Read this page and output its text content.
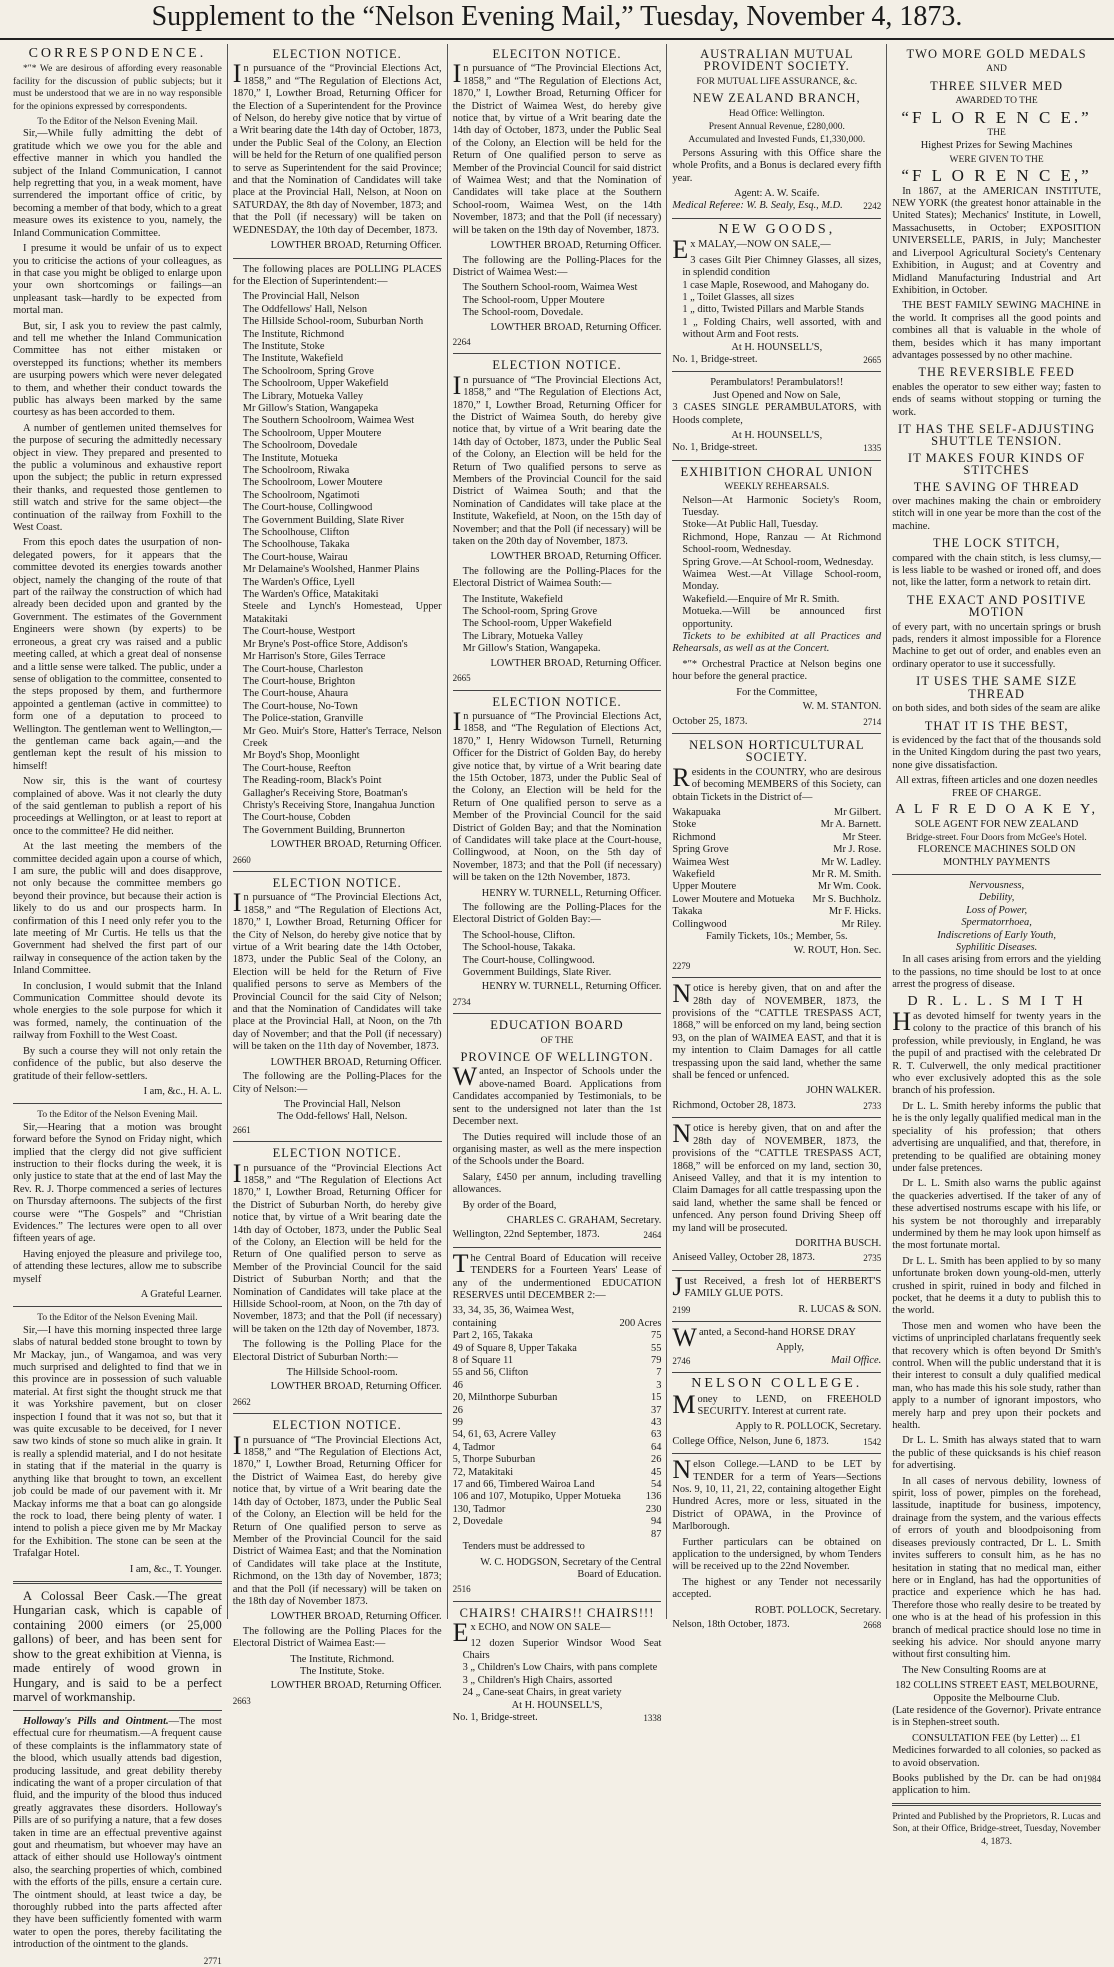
Supplement to the “Nelson Evening Mail,” Tuesday, November 4, 1873.
CORRESPONDENCE.
*″* We are desirous of affording every reasonable facility for the discussion of public subjects; but it must be understood that we are in no way responsible for the opinions expressed by correspondents.
To the Editor of the Nelson Evening Mail.
Sir,—While fully admitting the debt of gratitude which we owe you for the able and effective manner in which you handled the subject of the Inland Communication, I cannot help regretting that you, in a weak moment, have surrendered the important office of critic, by becoming a member of that body, which to a great measure owes its existence to you, namely, the Inland Communication Committee.
I presume it would be unfair of us to expect you to criticise the actions of your colleagues, as in that case you might be obliged to enlarge upon your own shortcomings or failings—an unpleasant task—hardly to be expected from mortal man.
But, sir, I ask you to review the past calmly, and tell me whether the Inland Communication Committee has not either mistaken or overstepped its functions; whether its members are usurping powers which were never delegated to them, and whether their conduct towards the public has always been marked by the same courtesy as has been accorded to them.
A number of gentlemen united themselves for the purpose of securing the admittedly necessary object in view. They prepared and presented to the public a voluminous and exhaustive report upon the subject; the public in return expressed their thanks, and requested those gentlemen to still watch and strive for the same object—the continuation of the railway from Foxhill to the West Coast.
From this epoch dates the usurpation of non-delegated powers, for it appears that the committee devoted its energies towards another object, namely the changing of the route of that part of the railway the construction of which had already been decided upon and granted by the Government. The estimates of the Government Engineers were shown (by experts) to be erroneous, a great cry was raised and a public meeting called, at which a great deal of nonsense and a little sense were talked. The public, under a sense of obligation to the committee, consented to the steps proposed by them, and furthermore appointed a gentleman (active in committee) to form one of a deputation to proceed to Wellington. The gentleman went to Wellington,—the gentleman came back again,—and the gentleman kept the result of his mission to himself!
Now sir, this is the want of courtesy complained of above. Was it not clearly the duty of the said gentleman to publish a report of his proceedings at Wellington, or at least to report at once to the committee? He did neither.
At the last meeting the members of the committee decided again upon a course of which, I am sure, the public will and does disapprove, not only because the committee members go beyond their province, but because their action is likely to do us and our prospects harm. In confirmation of this I need only refer you to the late meeting of Mr Curtis. He tells us that the Government had shelved the first part of our railway in consequence of the action taken by the Inland Committee.
In conclusion, I would submit that the Inland Communication Committee should devote its whole energies to the sole purpose for which it was formed, namely, the continuation of the railway from Foxhill to the West Coast.
By such a course they will not only retain the confidence of the public, but also deserve the gratitude of their fellow-settlers.
I am, &c., H. A. L.
To the Editor of the Nelson Evening Mail.
Sir,—Hearing that a motion was brought forward before the Synod on Friday night, which implied that the clergy did not give sufficient instruction to their flocks during the week, it is only justice to state that at the end of last May the Rev. R. J. Thorpe commenced a series of lectures on Thursday afternoons. The subjects of the first course were “The Gospels” and “Christian Evidences.” The lectures were open to all over fifteen years of age.
Having enjoyed the pleasure and privilege too, of attending these lectures, allow me to subscribe myself
A Grateful Learner.
To the Editor of the Nelson Evening Mail.
Sir,—I have this morning inspected three large slabs of natural bedded stone brought to town by Mr Mackay, jun., of Wangamoa, and was very much surprised and delighted to find that we in this province are in possession of such valuable material. At first sight the thought struck me that it was Yorkshire pavement, but on closer inspection I found that it was not so, but that it was quite excusable to be deceived, for I never saw two kinds of stone so much alike in grain. It is really a splendid material, and I do not hesitate in stating that if the material in the quarry is anything like that brought to town, an excellent job could be made of our pavement with it. Mr Mackay informs me that a boat can go alongside the rock to load, there being plenty of water. I intend to polish a piece given me by Mr Mackay for the Exhibition. The stone can be seen at the Trafalgar Hotel.
I am, &c., T. Younger.
A Colossal Beer Cask.—The great Hungarian cask, which is capable of containing 2000 eimers (or 25,000 gallons) of beer, and has been sent for show to the great exhibition at Vienna, is made entirely of wood grown in Hungary, and is said to be a perfect marvel of workmanship.
Holloway's Pills and Ointment.—The most effectual cure for rheumatism.—A frequent cause of these complaints is the inflammatory state of the blood, which usually attends bad digestion, producing lassitude, and great debility thereby indicating the want of a proper circulation of that fluid, and the impurity of the blood thus induced greatly aggravates these disorders. Holloway's Pills are of so purifying a nature, that a few doses taken in time are an effectual preventive against gout and rheumatism, but whoever may have an attack of either should use Holloway's ointment also, the searching properties of which, combined with the efforts of the pills, ensure a certain cure. The ointment should, at least twice a day, be thoroughly rubbed into the parts affected after they have been sufficiently fomented with warm water to open the pores, thereby facilitating the introduction of the ointment to the glands.
2771
ELECTION NOTICE.
In pursuance of the “Provincial Elections Act, 1858,” and “The Regulation of Elections Act, 1870,” I, Lowther Broad, Returning Officer for the Election of a Superintendent for the Province of Nelson, do hereby give notice that by virtue of a Writ bearing date the 14th day of October, 1873, under the Public Seal of the Colony, an Election will be held for the Return of one qualified person to serve as Superintendent for the said Province; and that the Nomination of Candidates will take place at the Provincial Hall, Nelson, at Noon on SATURDAY, the 8th day of November, 1873; and that the Poll (if necessary) will be taken on WEDNESDAY, the 10th day of December, 1873.
LOWTHER BROAD, Returning Officer.
The following places are POLLING PLACES for the Election of Superintendent:—
The Provincial Hall, Nelson
The Oddfellows' Hall, Nelson
The Hillside School-room, Suburban North
The Institute, Richmond
The Institute, Stoke
The Institute, Wakefield
The Schoolroom, Spring Grove
The Schoolroom, Upper Wakefield
The Library, Motueka Valley
Mr Gillow's Station, Wangapeka
The Southern Schoolroom, Waimea West
The Schoolroom, Upper Moutere
The Schoolroom, Dovedale
The Institute, Motueka
The Schoolroom, Riwaka
The Schoolroom, Lower Moutere
The Schoolroom, Ngatimoti
The Court-house, Collingwood
The Government Building, Slate River
The Schoolhouse, Clifton
The Schoolhouse, Takaka
The Court-house, Wairau
Mr Delamaine's Woolshed, Hanmer Plains
The Warden's Office, Lyell
The Warden's Office, Matakitaki
Steele and Lynch's Homestead, Upper Matakitaki
The Court-house, Westport
Mr Bryne's Post-office Store, Addison's
Mr Harrison's Store, Giles Terrace
The Court-house, Charleston
The Court-house, Brighton
The Court-house, Ahaura
The Court-house, No-Town
The Police-station, Granville
Mr Geo. Muir's Store, Hatter's Terrace, Nelson Creek
Mr Boyd's Shop, Moonlight
The Court-house, Reefton
The Reading-room, Black's Point
Gallagher's Receiving Store, Boatman's
Christy's Receiving Store, Inangahua Junction
The Court-house, Cobden
The Government Building, Brunnerton
LOWTHER BROAD, Returning Officer.
2660
ELECTION NOTICE.
In pursuance of “The Provincial Elections Act, 1858,” and “The Regulation of Elections Act, 1870,” I, Lowther Broad, Returning Officer for the City of Nelson, do hereby give notice that by virtue of a Writ bearing date the 14th October, 1873, under the Public Seal of the Colony, an Election will be held for the Return of Five qualified persons to serve as Members of the Provincial Council for the said City of Nelson; and that the Nomination of Candidates will take place at the Provincial Hall, at Noon, on the 7th day of November; and that the Poll (if necessary) will be taken on the 11th day of November, 1873.
LOWTHER BROAD, Returning Officer.
The following are the Polling-Places for the City of Nelson:—
The Provincial Hall, Nelson
The Odd-fellows' Hall, Nelson.
2661
ELECTION NOTICE.
In pursuance of the “Provincial Elections Act 1858,” and “The Regulation of Elections Act 1870,” I, Lowther Broad, Returning Officer for the District of Suburban North, do hereby give notice that, by virtue of a Writ bearing date the 14th day of October, 1873, under the Public Seal of the Colony, an Election will be held for the Return of One qualified person to serve as Member of the Provincial Council for the said District of Suburban North; and that the Nomination of Candidates will take place at the Hillside School-room, at Noon, on the 7th day of November, 1873; and that the Poll (if necessary) will be taken on the 12th day of November, 1873.
The following is the Polling Place for the Electoral District of Suburban North:—
The Hillside School-room.
LOWTHER BROAD, Returning Officer.
2662
ELECTION NOTICE.
In pursuance of “The Provincial Elections Act, 1858,” and “The Regulation of Elections Act, 1870,” I, Lowther Broad, Returning Officer for the District of Waimea East, do hereby give notice that, by virtue of a Writ bearing date the 14th day of October, 1873, under the Public Seal of the Colony, an Election will be held for the Return of One qualified person to serve as Member of the Provincial Council for the said District of Waimea East; and that the Nomination of Candidates will take place at the Institute, Richmond, on the 13th day of November, 1873; and that the Poll (if necessary) will be taken on the 18th day of November 1873.
LOWTHER BROAD, Returning Officer.
The following are the Polling Places for the Electoral District of Waimea East:—
The Institute, Richmond.
The Institute, Stoke.
LOWTHER BROAD, Returning Officer.
2663
ELECITON NOTICE.
In pursuance of “The Provincial Elections Act, 1858,” and “The Regulation of Elections Act, 1870,” I, Lowther Broad, Returning Officer for the District of Waimea West, do hereby give notice that, by virtue of a Writ bearing date the 14th day of October, 1873, under the Public Seal of the Colony, an Election will be held for the Return of One qualified person to serve as Member of the Provincial Council for said district of Waimea West; and that the Nomination of Candidates will take place at the Southern School-room, Waimea West, on the 14th November, 1873; and that the Poll (if necessary) will be taken on the 19th day of November, 1873.
LOWTHER BROAD, Returning Officer.
The following are the Polling-Places for the District of Waimea West:—
The Southern School-room, Waimea West
The School-room, Upper Moutere
The School-room, Dovedale.
LOWTHER BROAD, Returning Officer.
2264
ELECTION NOTICE.
In pursuance of “The Provincial Elections Act, 1858,” and “The Regulation of Elections Act, 1870,” I, Lowther Broad, Returning Officer for the District of Waimea South, do hereby give notice that, by virtue of a Writ bearing date the 14th day of October, 1873, under the Public Seal of the Colony, an Election will be held for the Return of Two qualified persons to serve as Members of the Provincial Council for the said District of Waimea South; and that the Nomination of Candidates will take place at the Institute, Wakefield, at Noon, on the 15th day of November; and that the Poll (if necessary) will be taken on the 20th day of November, 1873.
LOWTHER BROAD, Returning Officer.
The following are the Polling-Places for the Electoral District of Waimea South:—
The Institute, Wakefield
The School-room, Spring Grove
The School-room, Upper Wakefield
The Library, Motueka Valley
Mr Gillow's Station, Wangapeka.
LOWTHER BROAD, Returning Officer.
2665
ELECTION NOTICE.
In pursuance of “The Provincial Elections Act, 1858, and “The Regulation of Elections Act, 1870,” I, Henry Widowson Turnell, Returning Officer for the District of Golden Bay, do hereby give notice that, by virtue of a Writ bearing date the 15th October, 1873, under the Public Seal of the Colony, an Election will be held for the Return of One qualified person to serve as a Member of the Provincial Council for the said District of Golden Bay; and that the Nomination of Candidates will take place at the Court-house, Collingwood, at Noon, on the 5th day of November, 1873; and that the Poll (if necessary) will be taken on the 12th November, 1873.
HENRY W. TURNELL, Returning Officer.
The following are the Polling-Places for the Electoral District of Golden Bay:—
The School-house, Clifton.
The School-house, Takaka.
The Court-house, Collingwood.
Government Buildings, Slate River.
HENRY W. TURNELL, Returning Officer.
2734
EDUCATION BOARD
OF THE
PROVINCE OF WELLINGTON.
Wanted, an Inspector of Schools under the above-named Board. Applications from Candidates accompanied by Testimonials, to be sent to the undersigned not later than the 1st December next.
The Duties required will include those of an organising master, as well as the mere inspection of the Schools under the Board.
Salary, £450 per annum, including travelling allowances.
By order of the Board,
CHARLES C. GRAHAM, Secretary.
Wellington, 22nd September, 1873.	2464
The Central Board of Education will receive TENDERS for a Fourteen Years' Lease of any of the undermentioned EDUCATION RESERVES until DECEMBER 2:—
33, 34, 35, 36, Waimea West,
containing	200 Acres
Part 2, 165, Takaka	75
49 of Square 8, Upper Takaka	55
8 of Square 11	79
55 and 56, Clifton	7
46	3
20, Milnthorpe Suburban	15
26	37
99	43
54, 61, 63, Acrere Valley	63
4, Tadmor	64
5, Thorpe Suburban	26
72, Matakitaki	45
17 and 66, Timbered Wairoa Land	54
106 and 107, Motupiko, Upper Motueka 136
130, Tadmor	230
2, Dovedale	94
87
Tenders must be addressed to
W. C. HODGSON, Secretary of the Central Board of Education.
2516
CHAIRS! CHAIRS!! CHAIRS!!!
Ex ECHO, and NOW ON SALE—
12 dozen Superior Windsor Wood Seat Chairs
3 „ Children's Low Chairs, with pans complete
3 „ Children's High Chairs, assorted
24 „ Cane-seat Chairs, in great variety
At H. HOUNSELL'S,
No. 1, Bridge-street.	1338
AUSTRALIAN MUTUAL PROVIDENT SOCIETY.
FOR MUTUAL LIFE ASSURANCE, &c.
NEW ZEALAND BRANCH,
Head Office: Wellington.
Present Annual Revenue, £280,000.
Accumulated and Invested Funds, £1,330,000.
Persons Assuring with this Office share the whole Profits, and a Bonus is declared every fifth year.
Agent: A. W. Scaife.
Medical Referee: W. B. Sealy, Esq., M.D. 2242
NEW GOODS,
Ex MALAY,—NOW ON SALE,—
3 cases Gilt Pier Chimney Glasses, all sizes, in splendid condition
1 case Maple, Rosewood, and Mahogany do.
1 „ Toilet Glasses, all sizes
1 „ ditto, Twisted Pillars and Marble Stands
1 „ Folding Chairs, well assorted, with and without Arm and Foot rests.
At H. HOUNSELL'S,
No. 1, Bridge-street.	2665
Perambulators! Perambulators!!
Just Opened and Now on Sale,
3 CASES SINGLE PERAMBULATORS, with Hoods complete,
At H. HOUNSELL'S,
No. 1, Bridge-street.	1335
EXHIBITION CHORAL UNION
WEEKLY REHEARSALS.
Nelson—At Harmonic Society's Room, Tuesday.
Stoke—At Public Hall, Tuesday.
Richmond, Hope, Ranzau — At Richmond School-room, Wednesday.
Spring Grove.—At School-room, Wednesday.
Waimea West.—At Village School-room, Monday.
Wakefield.—Enquire of Mr R. Smith.
Motueka.—Will be announced first opportunity.
Tickets to be exhibited at all Practices and Rehearsals, as well as at the Concert.
*″* Orchestral Practice at Nelson begins one hour before the general practice.
For the Committee,
W. M. STANTON.
October 25, 1873.	2714
NELSON HORTICULTURAL SOCIETY.
Residents in the COUNTRY, who are desirous of becoming MEMBERS of this Society, can obtain Tickets in the District of—
Wakapuaka	Mr Gilbert.
Stoke	Mr A. Barnett.
Richmond	Mr Steer.
Spring Grove	Mr J. Rose.
Waimea West	Mr W. Ladley.
Wakefield	Mr R. M. Smith.
Upper Moutere	Mr Wm. Cook.
Lower Moutere and Motueka Mr S. Buchholz.
Takaka	Mr F. Hicks.
Collingwood	Mr Riley.
Family Tickets, 10s.; Member, 5s.
W. ROUT, Hon. Sec.
2279
Notice is hereby given, that on and after the 28th day of NOVEMBER, 1873, the provisions of the “CATTLE TRESPASS ACT, 1868,” will be enforced on my land, being section 93, on the plan of WAIMEA EAST, and that it is my intention to Claim Damages for all cattle trespassing upon the said land, whether the same shall be fenced or unfenced.
JOHN WALKER.
Richmond, October 28, 1873.	2733
Notice is hereby given, that on and after the 28th day of NOVEMBER, 1873, the provisions of the “CATTLE TRESPASS ACT, 1868,” will be enforced on my land, section 30, Aniseed Valley, and that it is my intention to Claim Damages for all cattle trespassing upon the said land, whether the same shall be fenced or unfenced. Any person found Driving Sheep off my land will be prosecuted.
DORITHA BUSCH.
Aniseed Valley, October 28, 1873.	2735
Just Received, a fresh lot of HERBERT'S FAMILY GLUE POTS.
2199	R. LUCAS & SON.
Wanted, a Second-hand HORSE DRAY
Apply,
2746	Mail Office.
NELSON COLLEGE.
Money to LEND, on FREEHOLD SECURITY. Interest at current rate.
Apply to R. POLLOCK, Secretary.
College Office, Nelson, June 6, 1873.	1542
Nelson College.—LAND to be LET by TENDER for a term of Years—Sections Nos. 9, 10, 11, 21, 22, containing altogether Eight Hundred Acres, more or less, situated in the District of OPAWA, in the Province of Marlborough.
Further particulars can be obtained on application to the undersigned, by whom Tenders will be received up to the 22nd November.
The highest or any Tender not necessarily accepted.
ROBT. POLLOCK, Secretary.
Nelson, 18th October, 1873.	2668
TWO MORE GOLD MEDALS
AND
THREE SILVER MED
AWARDED TO THE
“F L O R E N C E.”
THE
Highest Prizes for Sewing Machines
WERE GIVEN TO THE
“F L O R E N C E,”
In 1867, at the AMERICAN INSTITUTE, NEW YORK (the greatest honor attainable in the United States); Mechanics' Institute, in Lowell, Massachusetts, in October; EXPOSITION UNIVERSELLE, PARIS, in July; Manchester and Liverpool Agricultural Society's Centenary Exhibition, in August; and at Coventry and Midland Manufacturing Industrial and Art Exhibition, in October.
THE BEST FAMILY SEWING MACHINE in the world. It comprises all the good points and combines all that is valuable in the whole of them, besides which it has many important advantages possessed by no other machine.
THE REVERSIBLE FEED
enables the operator to sew either way; fasten to ends of seams without stopping or turning the work.
IT HAS THE SELF-ADJUSTING SHUTTLE TENSION.
IT MAKES FOUR KINDS OF STITCHES
THE SAVING OF THREAD
over machines making the chain or embroidery stitch will in one year be more than the cost of the machine.
THE LOCK STITCH,
compared with the chain stitch, is less clumsy,—is less liable to be washed or ironed off, and does not, like the latter, form a network to retain dirt.
THE EXACT AND POSITIVE MOTION
of every part, with no uncertain springs or brush pads, renders it almost impossible for a Florence Machine to get out of order, and enables even an ordinary operator to use it successfully.
IT USES THE SAME SIZE THREAD
on both sides, and both sides of the seam are alike
THAT IT IS THE BEST,
is evidenced by the fact that of the thousands sold in the United Kingdom during the past two years, none give dissatisfaction.
All extras, fifteen articles and one dozen needles FREE OF CHARGE.
A L F R E D O A K E Y,
SOLE AGENT FOR NEW ZEALAND
Bridge-street. Four Doors from McGee's Hotel.
FLORENCE MACHINES SOLD ON MONTHLY PAYMENTS
Nervousness,
Debility,
Loss of Power,
Spermatorrhoea,
Indiscretions of Early Youth,
Syphilitic Diseases.
In all cases arising from errors and the yielding to the passions, no time should be lost to at once arrest the progress of disease.
D R. L. L. S M I T H
Has devoted himself for twenty years in the colony to the practice of this branch of his profession, while previously, in England, he was the pupil of and practised with the celebrated Dr R. T. Culverwell, the only medical practitioner who ever exclusively adopted this as the sole branch of his profession.
Dr L. L. Smith hereby informs the public that he is the only legally qualified medical man in the speciality of his profession; that others advertising are unqualified, and that, therefore, in pretending to be qualified are obtaining money under false pretences.
Dr L. L. Smith also warns the public against the quackeries advertised. If the taker of any of these advertised nostrums escape with his life, or his system be not thoroughly and irreparably undermined by them he may look upon himself as the most fortunate mortal.
Dr L. L. Smith has been applied to by so many unfortunate broken down young-old-men, utterly crushed in spirit, ruined in body and filched in pocket, that he deems it a duty to publish this to the world.
Those men and women who have been the victims of unprincipled charlatans frequently seek that recovery which is often beyond Dr Smith's control. When will the public understand that it is their interest to consult a duly qualified medical man, who has made this his sole study, rather than apply to a number of ignorant impostors, who merely harp and prey upon their pockets and health.
Dr L. L. Smith has always stated that to warn the public of these quicksands is his chief reason for advertising.
In all cases of nervous debility, lowness of spirit, loss of power, pimples on the forehead, lassitude, inaptitude for business, impotency, drainage from the system, and the various effects of errors of youth and bloodpoisoning from diseases previously contracted, Dr L. L. Smith invites sufferers to consult him, as he has no hesitation in stating that no medical man, either here or in England, has had the opportunities of practice and experience which he has had. Therefore those who really desire to be treated by one who is at the head of his profession in this branch of medical practice should lose no time in seeking his advice. Nor should anyone marry without first consulting him.
The New Consulting Rooms are at
182 COLLINS STREET EAST, MELBOURNE,
Opposite the Melbourne Club.
(Late residence of the Governor). Private entrance is in Stephen-street south.
CONSULTATION FEE (by Letter) ... £1
Medicines forwarded to all colonies, so packed as to avoid observation.
Books published by the Dr. can be had on application to him.
1984
Printed and Published by the Proprietors, R. Lucas and Son, at their Office, Bridge-street, Tuesday, November 4, 1873.
